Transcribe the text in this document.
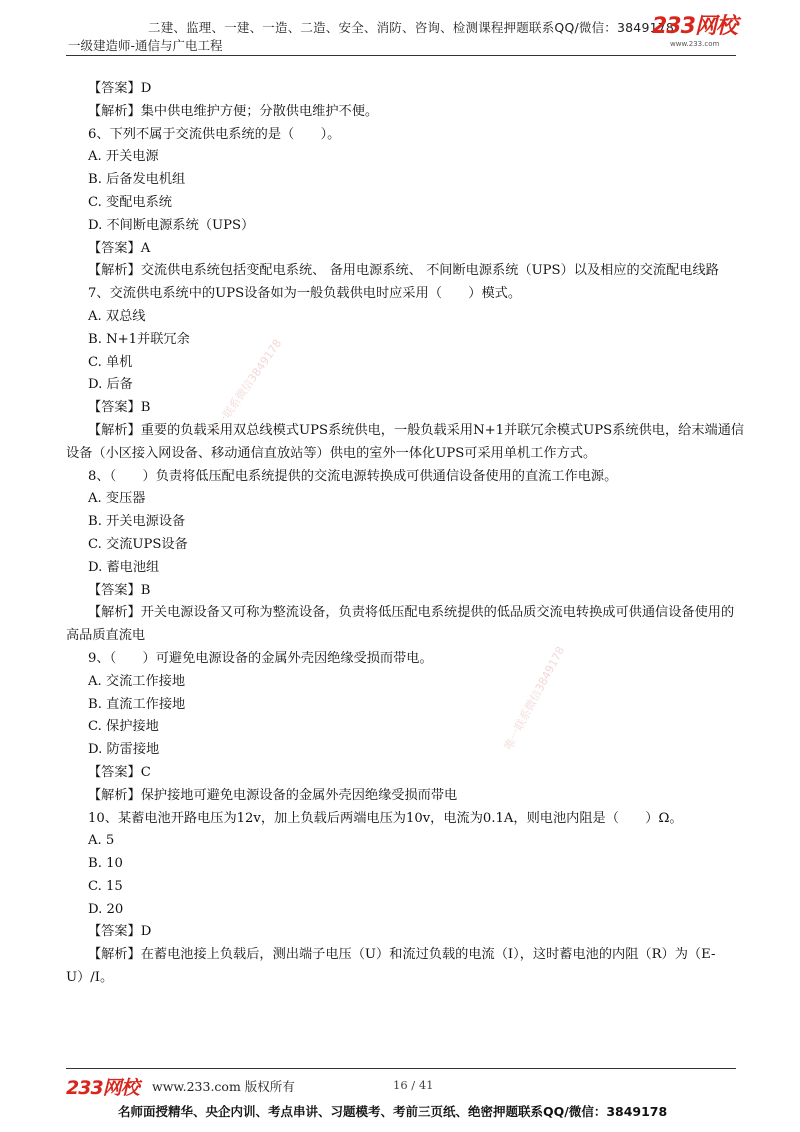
二建、监理、一建、一造、二造、安全、消防、咨询、检测课程押题联系QQ/微信：3849178
一级建造师-通信与广电工程
233网校
www.233.com
唯一联系微信3849178
唯一联系微信3849178
【答案】D
【解析】集中供电维护方便；分散供电维护不便。
6、下列不属于交流供电系统的是（　　）。
A. 开关电源
B. 后备发电机组
C. 变配电系统
D. 不间断电源系统（UPS）
【答案】A
【解析】交流供电系统包括变配电系统、 备用电源系统、 不间断电源系统（UPS）以及相应的交流配电线路
7、交流供电系统中的UPS设备如为一般负载供电时应采用（　　）模式。
A. 双总线
B. N+1并联冗余
C. 单机
D. 后备
【答案】B
【解析】重要的负载采用双总线模式UPS系统供电，一般负载采用N+1并联冗余模式UPS系统供电，给末端通信设备（小区接入网设备、移动通信直放站等）供电的室外一体化UPS可采用单机工作方式。
8、（　　）负责将低压配电系统提供的交流电源转换成可供通信设备使用的直流工作电源。
A. 变压器
B. 开关电源设备
C. 交流UPS设备
D. 蓄电池组
【答案】B
【解析】开关电源设备又可称为整流设备，负责将低压配电系统提供的低品质交流电转换成可供通信设备使用的高品质直流电
9、（　　）可避免电源设备的金属外壳因绝缘受损而带电。
A. 交流工作接地
B. 直流工作接地
C. 保护接地
D. 防雷接地
【答案】C
【解析】保护接地可避免电源设备的金属外壳因绝缘受损而带电
10、某蓄电池开路电压为12v，加上负载后两端电压为10v，电流为0.1A，则电池内阻是（　　）Ω。
A. 5
B. 10
C. 15
D. 20
【答案】D
【解析】在蓄电池接上负载后，测出端子电压（U）和流过负载的电流（I），这时蓄电池的内阻（R）为（E-U）/I。
233网校 www.233.com 版权所有	16 / 41
名师面授精华、央企内训、考点串讲、习题模考、考前三页纸、绝密押题联系QQ/微信：3849178
